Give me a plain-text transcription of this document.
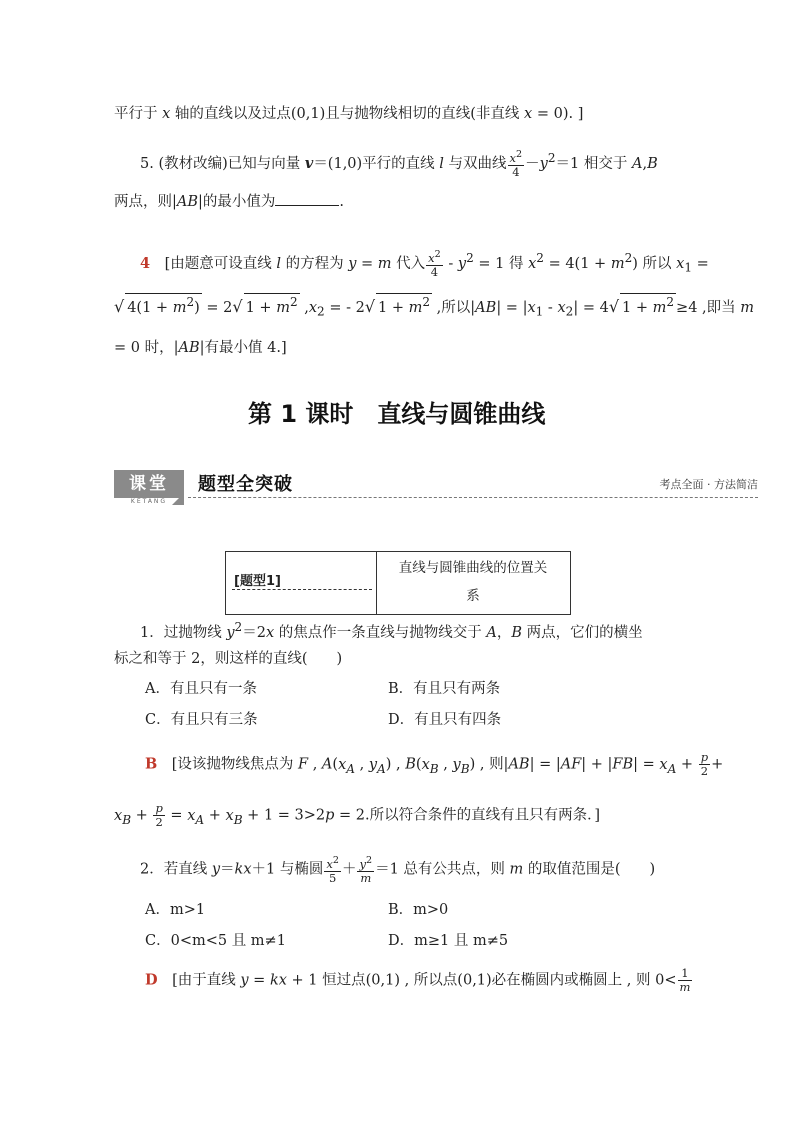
平行于 x 轴的直线以及过点(0,1)且与抛物线相切的直线(非直线 x = 0). ]
5. (教材改编)已知与向量 v＝(1,0)平行的直线 l 与双曲线 $\frac{x^2}{4} -y^2=1$ 相交于 A,B
两点，则|AB|的最小值为	.
4　[由题意可设直线 l 的方程为 y = m 代入 $\frac{x^2}{4} - y^2 = 1$ 得 $x^2 = 4(1 + m^2)$ 所以 $x_1$ =
√ $4(1 + m^2) = 2√$ $1 + m^2$ $,x_2$ = - 2√ $1 + m^2$ ,所以$|AB| = |x_1 - x_2| = 4√$ $1 + m^2 \ge 4$ ,即当 m
= 0 时，|AB|有最小值 4.]
第 1 课时　直线与圆锥曲线
课堂
KETANG
题型全突破	考点全面 · 方法简洁
[题型1]
直线与圆锥曲线的位置关
系
1．过抛物线 $y^2=2x$ 的焦点作一条直线与抛物线交于 A，B 两点，它们的横坐
标之和等于 2，则这样的直线(　　)
A．有且只有一条	B．有且只有两条
C．有且只有三条	D．有且只有四条
B　[设该抛物线焦点为 F , $A(x_A$ , $y_A$) , $B(x_B$ , $y_B$) , 则$|AB| = |AF| + |FB| = x_A + \frac{p}{2}$ +
$x_B + \frac{p}{2} = x_A + x_B + 1 = 3>2p = 2$.所以符合条件的直线有且只有两条．]
2．若直线 y＝kx＋1 与椭圆 $\frac{x^2}{5} + \frac{y^2}{m} =1$ 总有公共点，则 m 的取值范围是(　　)
A．m>1	B．m>0
C．0<m<5 且 m≠1	D．m≥1 且 m≠5
D　[由于直线 y = kx + 1 恒过点(0,1) , 所以点(0,1)必在椭圆内或椭圆上 , 则 $0< \frac{1}{m}$
